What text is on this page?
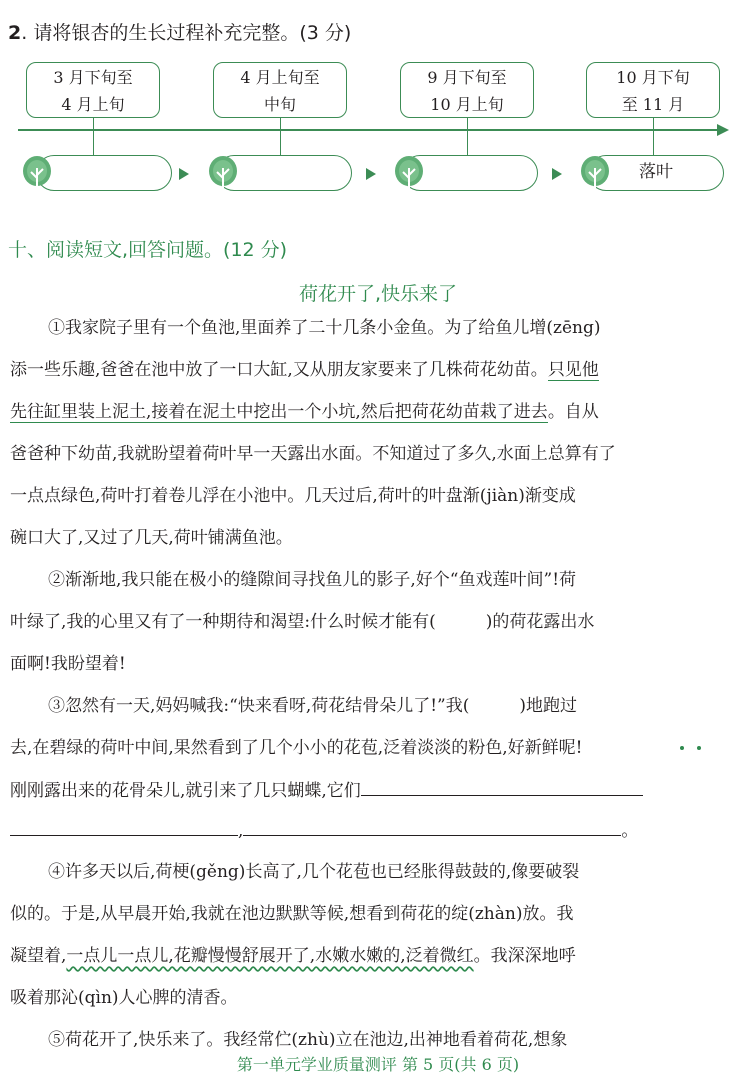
2. 请将银杏的生长过程补充完整。(3 分)
3 月下旬至
4 月上旬
4 月上旬至
中旬
9 月下旬至
10 月上旬
10 月下旬
至 11 月
落叶
十、阅读短文,回答问题。(12 分)
荷花开了,快乐来了
①我家院子里有一个鱼池,里面养了二十几条小金鱼。为了给鱼儿增(zēng)
添一些乐趣,爸爸在池中放了一口大缸,又从朋友家要来了几株荷花幼苗。只见他
先往缸里装上泥土,接着在泥土中挖出一个小坑,然后把荷花幼苗栽了进去。自从
爸爸种下幼苗,我就盼望着荷叶早一天露出水面。不知道过了多久,水面上总算有了
一点点绿色,荷叶打着卷儿浮在小池中。几天过后,荷叶的叶盘渐(jiàn)渐变成
碗口大了,又过了几天,荷叶铺满鱼池。
②渐渐地,我只能在极小的缝隙间寻找鱼儿的影子,好个“鱼戏莲叶间”!荷
叶绿了,我的心里又有了一种期待和渴望:什么时候才能有(	)的荷花露出水
面啊!我盼望着!
③忽然有一天,妈妈喊我:“快来看呀,荷花结骨朵儿了!”我(	)地跑过
去,在碧绿的荷叶中间,果然看到了几个小小的花苞,泛着淡淡的粉色,好新鲜呢!
刚刚露出来的花骨朵儿,就引来了几只蝴蝶,它们
,	。
④许多天以后,荷梗(gěng)长高了,几个花苞也已经胀得鼓鼓的,像要破裂
似的。于是,从早晨开始,我就在池边默默等候,想看到荷花的绽(zhàn)放。我
凝望着,一点儿一点儿,花瓣慢慢舒展开了,水嫩水嫩的,泛着微红。我深深地呼
吸着那沁(qìn)人心脾的清香。
⑤荷花开了,快乐来了。我经常伫(zhù)立在池边,出神地看着荷花,想象
第一单元学业质量测评 第 5 页(共 6 页)
